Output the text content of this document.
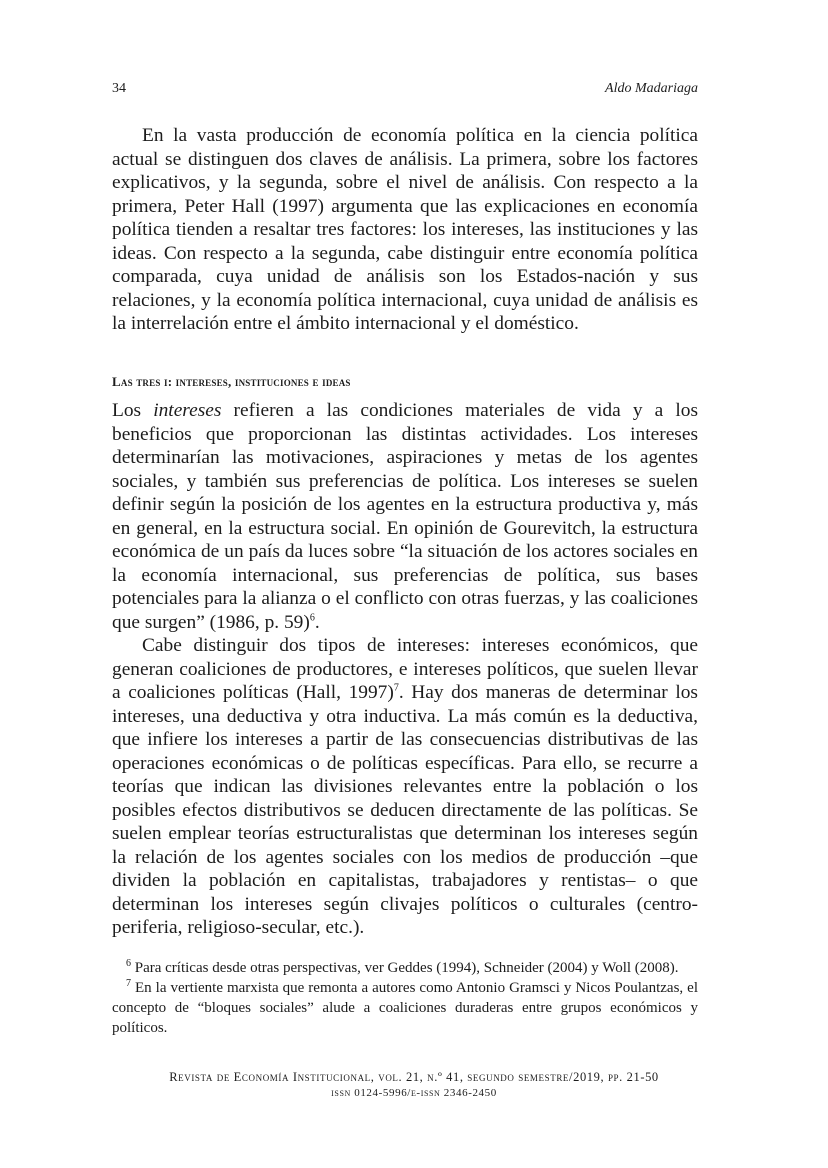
34	Aldo Madariaga

En la vasta producción de economía política en la ciencia política actual se distinguen dos claves de análisis. La primera, sobre los factores explicativos, y la segunda, sobre el nivel de análisis. Con respecto a la primera, Peter Hall (1997) argumenta que las explicaciones en economía política tienden a resaltar tres factores: los intereses, las instituciones y las ideas. Con respecto a la segunda, cabe distinguir entre economía política comparada, cuya unidad de análisis son los Estados-nación y sus relaciones, y la economía política internacional, cuya unidad de análisis es la interrelación entre el ámbito internacional y el doméstico.

Las tres i: intereses, instituciones e ideas

Los intereses refieren a las condiciones materiales de vida y a los beneficios que proporcionan las distintas actividades. Los intereses determinarían las motivaciones, aspiraciones y metas de los agentes sociales, y también sus preferencias de política. Los intereses se suelen definir según la posición de los agentes en la estructura productiva y, más en general, en la estructura social. En opinión de Gourevitch, la estructura económica de un país da luces sobre “la situación de los actores sociales en la economía internacional, sus preferencias de política, sus bases potenciales para la alianza o el conflicto con otras fuerzas, y las coaliciones que surgen” (1986, p. 59)$^6$.

Cabe distinguir dos tipos de intereses: intereses económicos, que generan coaliciones de productores, e intereses políticos, que suelen llevar a coaliciones políticas (Hall, 1997)$^7$. Hay dos maneras de determinar los intereses, una deductiva y otra inductiva. La más común es la deductiva, que infiere los intereses a partir de las consecuencias distributivas de las operaciones económicas o de políticas específicas. Para ello, se recurre a teorías que indican las divisiones relevantes entre la población o los posibles efectos distributivos se deducen directamente de las políticas. Se suelen emplear teorías estructuralistas que determinan los intereses según la relación de los agentes sociales con los medios de producción –que dividen la población en capitalistas, trabajadores y rentistas– o que determinan los intereses según clivajes políticos o culturales (centro-periferia, religioso-secular, etc.).

$^6$ Para críticas desde otras perspectivas, ver Geddes (1994), Schneider (2004) y Woll (2008).

$^7$ En la vertiente marxista que remonta a autores como Antonio Gramsci y Nicos Poulantzas, el concepto de “bloques sociales” alude a coaliciones duraderas entre grupos económicos y políticos.

Revista de Economía Institucional, vol. 21, n.º 41, segundo semestre/2019, pp. 21-50
issn 0124-5996/e-issn 2346-2450
